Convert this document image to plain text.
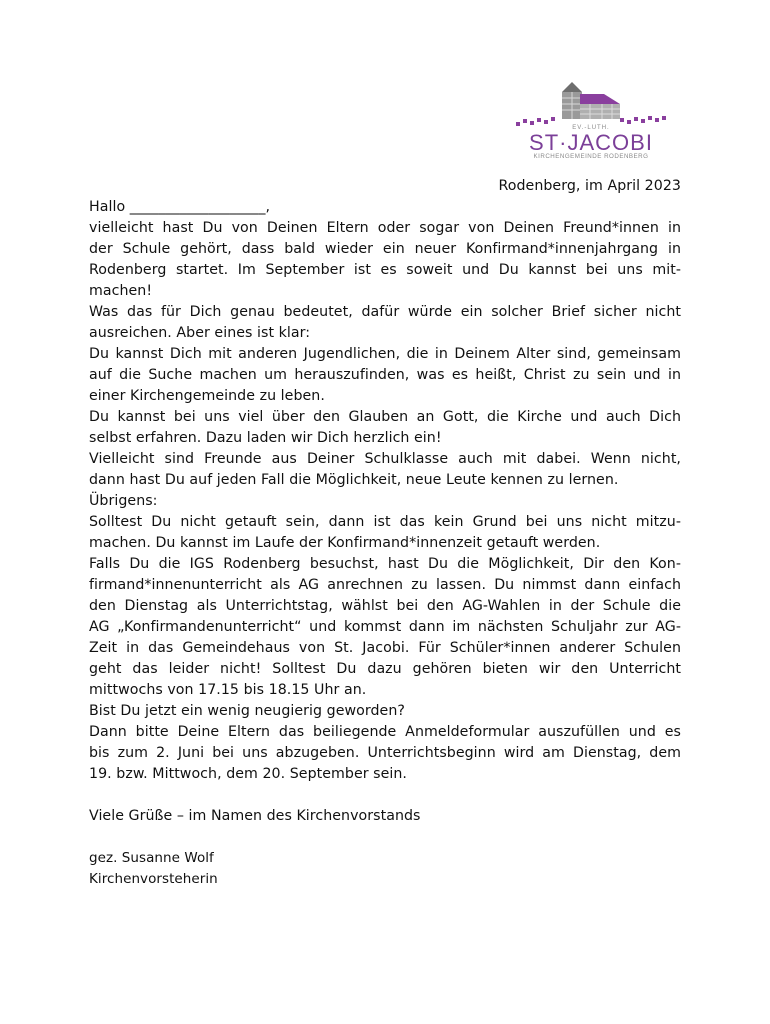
EV.-LUTH.
ST·JACOBI
KIRCHENGEMEINDE RODENBERG
Rodenberg, im April 2023
Hallo ___________________,
vielleicht hast Du von Deinen Eltern oder sogar von Deinen Freund*innen in
der Schule gehört, dass bald wieder ein neuer Konfirmand*innenjahrgang in
Rodenberg startet. Im September ist es soweit und Du kannst bei uns mit-
machen!
Was das für Dich genau bedeutet, dafür würde ein solcher Brief sicher nicht
ausreichen. Aber eines ist klar:
Du kannst Dich mit anderen Jugendlichen, die in Deinem Alter sind, gemeinsam
auf die Suche machen um herauszufinden, was es heißt, Christ zu sein und in
einer Kirchengemeinde zu leben.
Du kannst bei uns viel über den Glauben an Gott, die Kirche und auch Dich
selbst erfahren. Dazu laden wir Dich herzlich ein!
Vielleicht sind Freunde aus Deiner Schulklasse auch mit dabei. Wenn nicht,
dann hast Du auf jeden Fall die Möglichkeit, neue Leute kennen zu lernen.
Übrigens:
Solltest Du nicht getauft sein, dann ist das kein Grund bei uns nicht mitzu-
machen. Du kannst im Laufe der Konfirmand*innenzeit getauft werden.
Falls Du die IGS Rodenberg besuchst, hast Du die Möglichkeit, Dir den Kon-
firmand*innenunterricht als AG anrechnen zu lassen. Du nimmst dann einfach
den Dienstag als Unterrichtstag, wählst bei den AG-Wahlen in der Schule die
AG „Konfirmandenunterricht“ und kommst dann im nächsten Schuljahr zur AG-
Zeit in das Gemeindehaus von St. Jacobi. Für Schüler*innen anderer Schulen
geht das leider nicht! Solltest Du dazu gehören bieten wir den Unterricht
mittwochs von 17.15 bis 18.15 Uhr an.
Bist Du jetzt ein wenig neugierig geworden?
Dann bitte Deine Eltern das beiliegende Anmeldeformular auszufüllen und es
bis zum 2. Juni bei uns abzugeben. Unterrichtsbeginn wird am Dienstag, dem
19. bzw. Mittwoch, dem 20. September sein.
Viele Grüße – im Namen des Kirchenvorstands
gez. Susanne Wolf
Kirchenvorsteherin
